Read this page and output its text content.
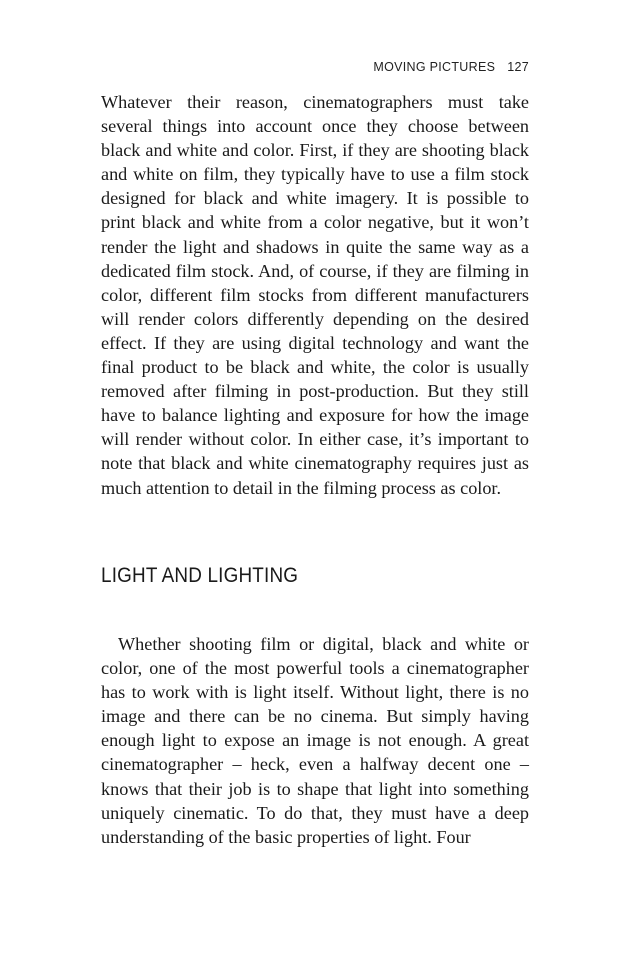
MOVING PICTURES 127

Whatever their reason, cinematographers must take several things into account once they choose between black and white and color. First, if they are shooting black and white on film, they typically have to use a film stock designed for black and white imagery. It is possible to print black and white from a color negative, but it won’t render the light and shadows in quite the same way as a dedicated film stock. And, of course, if they are filming in color, different film stocks from different manufacturers will render colors differently depending on the desired effect. If they are using digital technology and want the final product to be black and white, the color is usually removed after filming in post-production. But they still have to balance lighting and exposure for how the image will render without color. In either case, it’s important to note that black and white cinematography requires just as much attention to detail in the filming process as color.

LIGHT AND LIGHTING

Whether shooting film or digital, black and white or color, one of the most powerful tools a cinematographer has to work with is light itself. Without light, there is no image and there can be no cinema. But simply having enough light to expose an image is not enough. A great cinematographer – heck, even a halfway decent one – knows that their job is to shape that light into something uniquely cinematic. To do that, they must have a deep understanding of the basic properties of light. Four
